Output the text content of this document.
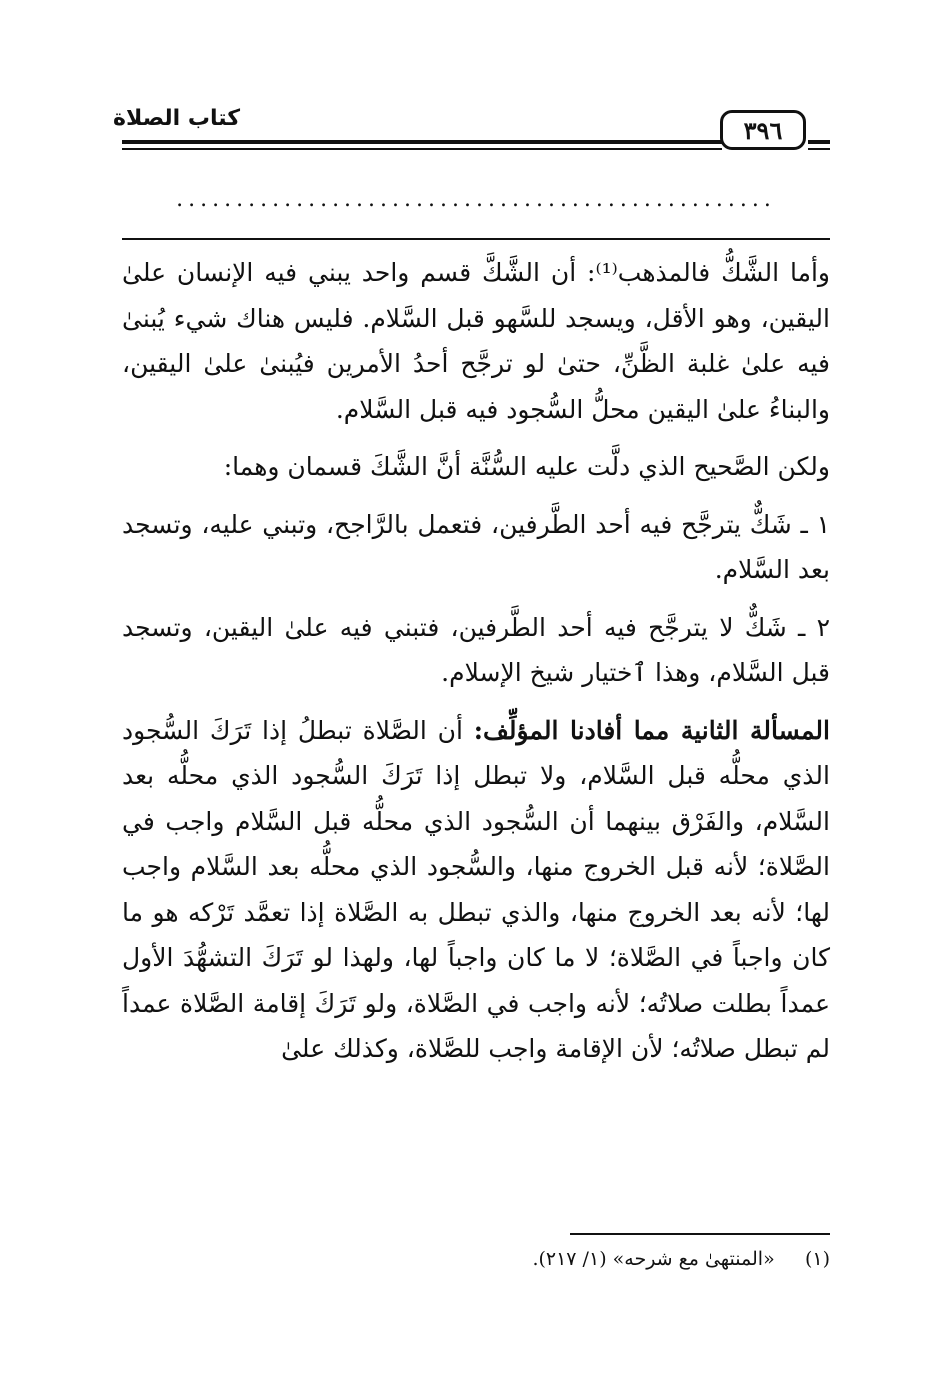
كتاب الصلاة	٣٩٦
..................................................

وأما الشَّكُّ فالمذهب⁽¹⁾: أن الشَّكَّ قسم واحد يبني فيه الإنسان علىٰ اليقين، وهو الأقل، ويسجد للسَّهو قبل السَّلام. فليس هناك شيء يُبنىٰ فيه علىٰ غلبة الظَّنِّ، حتىٰ لو ترجَّح أحدُ الأمرين فيُبنىٰ علىٰ اليقين، والبناءُ علىٰ اليقين محلُّ السُّجود فيه قبل السَّلام.

ولكن الصَّحيح الذي دلَّت عليه السُّنَّة أنَّ الشَّكَ قسمان وهما:

١ ـ شَكٌّ يترجَّح فيه أحد الطَّرفين، فتعمل بالرَّاجح، وتبني عليه، وتسجد بعد السَّلام.

٢ ـ شَكٌّ لا يترجَّح فيه أحد الطَّرفين، فتبني فيه علىٰ اليقين، وتسجد قبل السَّلام، وهذا ٱختيار شيخ الإسلام.

المسألة الثانية مما أفادنا المؤلِّف: أن الصَّلاة تبطلُ إذا تَرَكَ السُّجود الذي محلُّه قبل السَّلام، ولا تبطل إذا تَرَكَ السُّجود الذي محلُّه بعد السَّلام، والفَرْق بينهما أن السُّجود الذي محلُّه قبل السَّلام واجب في الصَّلاة؛ لأنه قبل الخروج منها، والسُّجود الذي محلُّه بعد السَّلام واجب لها؛ لأنه بعد الخروج منها، والذي تبطل به الصَّلاة إذا تعمَّد تَرْكه هو ما كان واجباً في الصَّلاة؛ لا ما كان واجباً لها، ولهذا لو تَرَكَ التشهُّدَ الأول عمداً بطلت صلاتُه؛ لأنه واجب في الصَّلاة، ولو تَرَكَ إقامة الصَّلاة عمداً لم تبطل صلاتُه؛ لأن الإقامة واجب للصَّلاة، وكذلك علىٰ

(١)     «المنتهىٰ مع شرحه» (١/ ٢١٧).
